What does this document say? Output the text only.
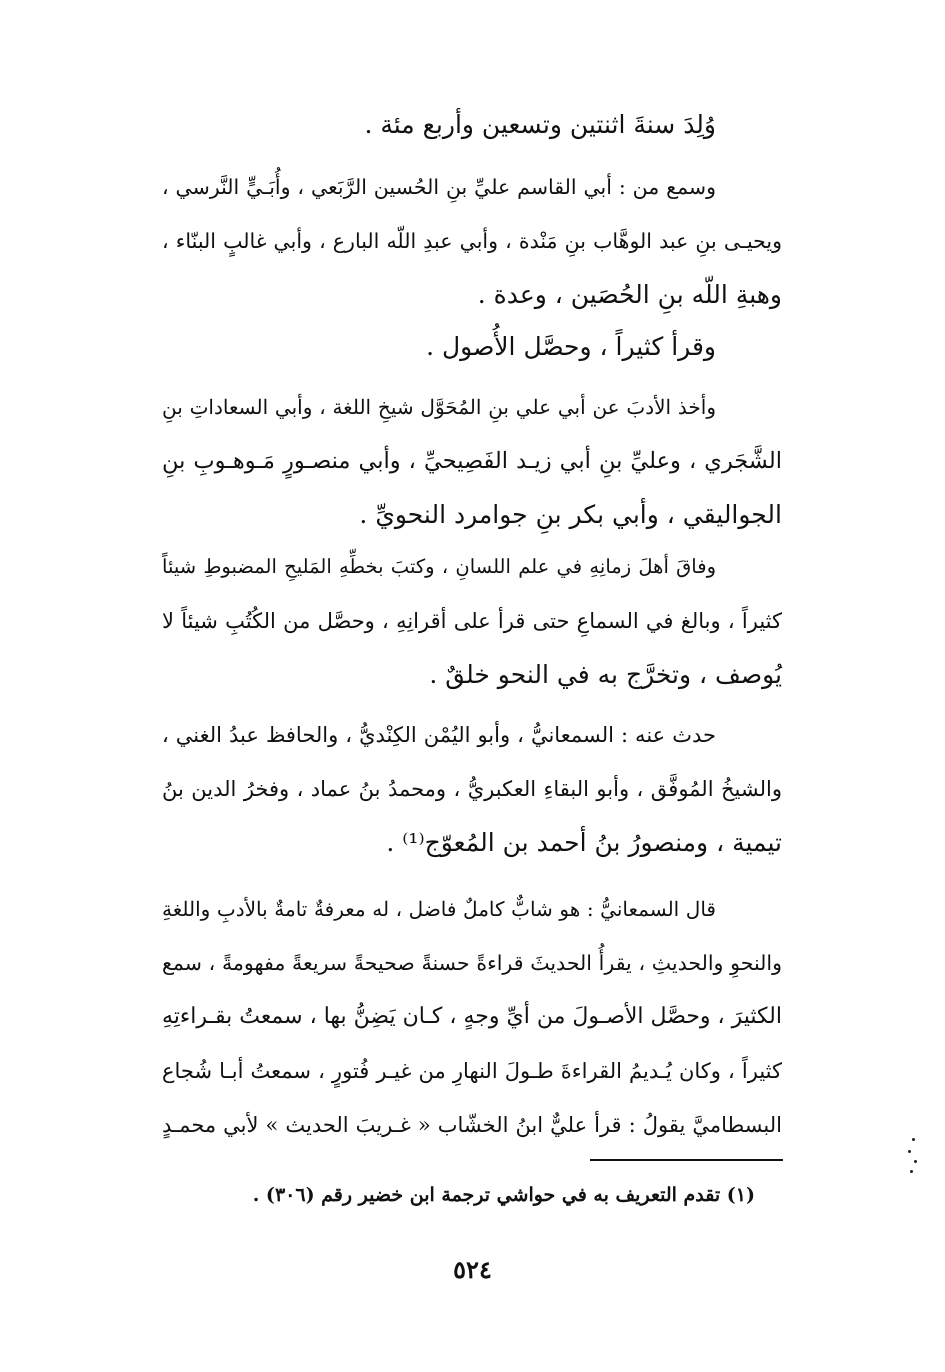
وُلِدَ سنةَ اثنتين وتسعين وأربع مئة .
وسمع من : أبي القاسم عليِّ بنِ الحُسين الرَّبَعي ، وأُبَـيٍّ النَّرسي ،
ويحيـى بنِ عبد الوهَّاب بنِ مَنْدة ، وأبي عبدِ اللّه البارع ، وأبي غالبٍ البنّاء ،
وهبةِ اللّه بنِ الحُصَين ، وعدة .
وقرأ كثيراً ، وحصَّل الأُصول .
وأخذ الأدبَ عن أبي علي بنِ المُحَوَّل شيخِ اللغة ، وأبي السعاداتِ بنِ
الشَّجَري ، وعليِّ بنِ أبي زيـد الفَصِيحيِّ ، وأبي منصـورٍ مَـوهـوبِ بنِ
الجواليقي ، وأبي بكر بنِ جوامرد النحويِّ .
وفاقَ أهلَ زمانِهِ في علم اللسانِ ، وكتبَ بخطِّهِ المَليحِ المضبوطِ شيئاً
كثيراً ، وبالغ في السماعِ حتى قرأ على أقرانِهِ ، وحصَّل من الكُتُبِ شيئاً لا
يُوصف ، وتخرَّج به في النحو خلقٌ .
حدث عنه : السمعانيُّ ، وأبو اليُمْن الكِنْديُّ ، والحافظ عبدُ الغني ،
والشيخُ المُوفَّق ، وأبو البقاءِ العكبريُّ ، ومحمدُ بنُ عماد ، وفخرُ الدين بنُ
تيمية ، ومنصورُ بنُ أحمد بن المُعوّج⁽¹⁾ .
قال السمعانيُّ : هو شابٌّ كاملٌ فاضل ، له معرفةٌ تامةٌ بالأدبِ واللغةِ
والنحوِ والحديثِ ، يقرأُ الحديثَ قراءةً حسنةً صحيحةً سريعةً مفهومةً ، سمع
الكثيرَ ، وحصَّل الأصـولَ من أيِّ وجهٍ ، كـان يَضِنُّ بها ، سمعتُ بقـراءتِهِ
كثيراً ، وكان يُـديمُ القراءةَ طـولَ النهارِ من غيـر فُتورٍ ، سمعتُ أبـا شُجاع
البسطاميَّ يقولُ : قرأ عليٌّ ابنُ الخشّاب « غـريبَ الحديث » لأبي محمـدٍ
(١) تقدم التعريف به في حواشي ترجمة ابن خضير رقم (٣٠٦) .
٥٢٤
